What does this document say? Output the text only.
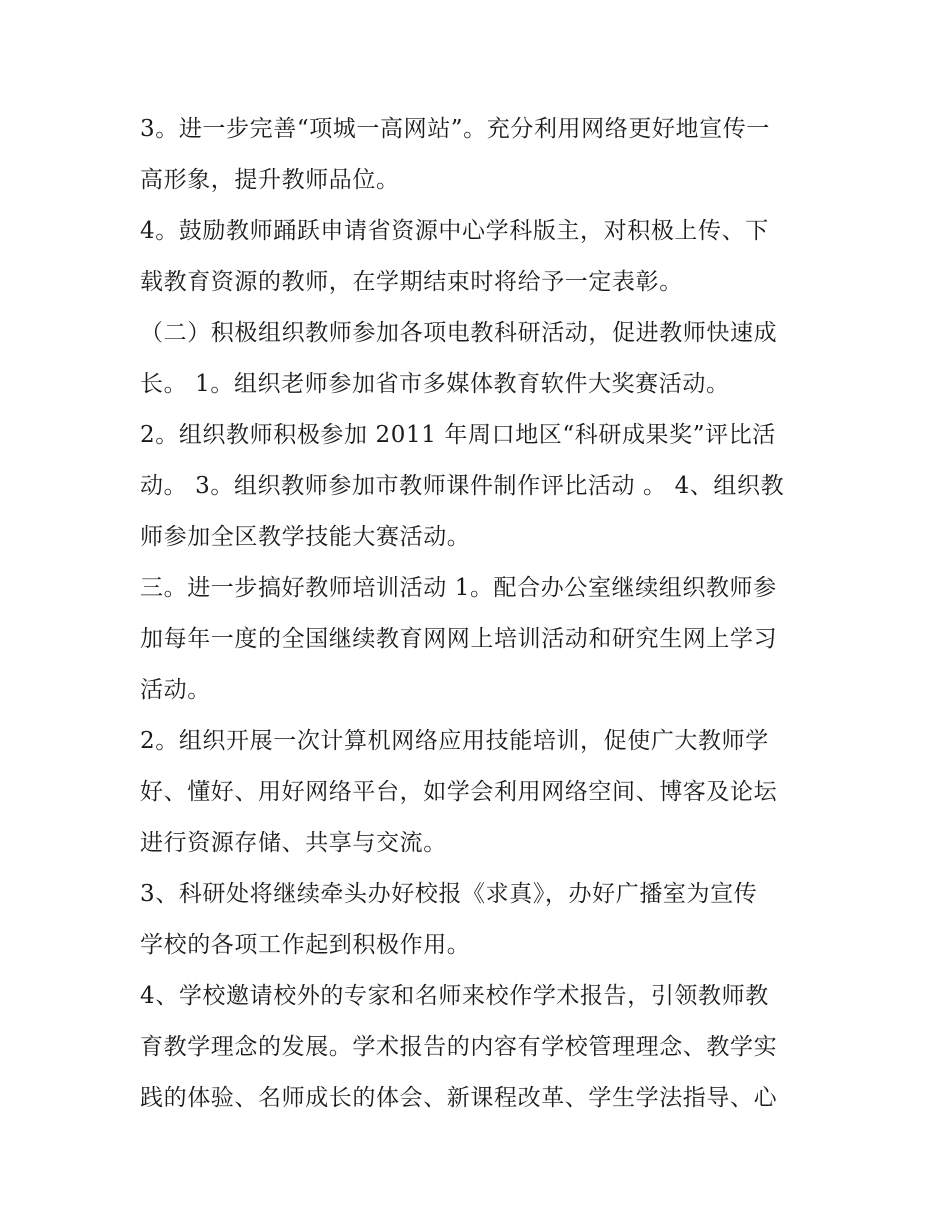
3。进一步完善“项城一高网站”。充分利用网络更好地宣传一
高形象，提升教师品位。
4。鼓励教师踊跃申请省资源中心学科版主，对积极上传、下
载教育资源的教师，在学期结束时将给予一定表彰。
（二）积极组织教师参加各项电教科研活动，促进教师快速成
长。 1。组织老师参加省市多媒体教育软件大奖赛活动。
2。组织教师积极参加 2011 年周口地区“科研成果奖”评比活
动。 3。组织教师参加市教师课件制作评比活动 。 4、组织教
师参加全区教学技能大赛活动。
三。进一步搞好教师培训活动 1。配合办公室继续组织教师参
加每年一度的全国继续教育网网上培训活动和研究生网上学习
活动。
2。组织开展一次计算机网络应用技能培训，促使广大教师学
好、懂好、用好网络平台，如学会利用网络空间、博客及论坛
进行资源存储、共享与交流。
3、科研处将继续牵头办好校报《求真》，办好广播室为宣传
学校的各项工作起到积极作用。
4、学校邀请校外的专家和名师来校作学术报告，引领教师教
育教学理念的发展。学术报告的内容有学校管理理念、教学实
践的体验、名师成长的体会、新课程改革、学生学法指导、心
